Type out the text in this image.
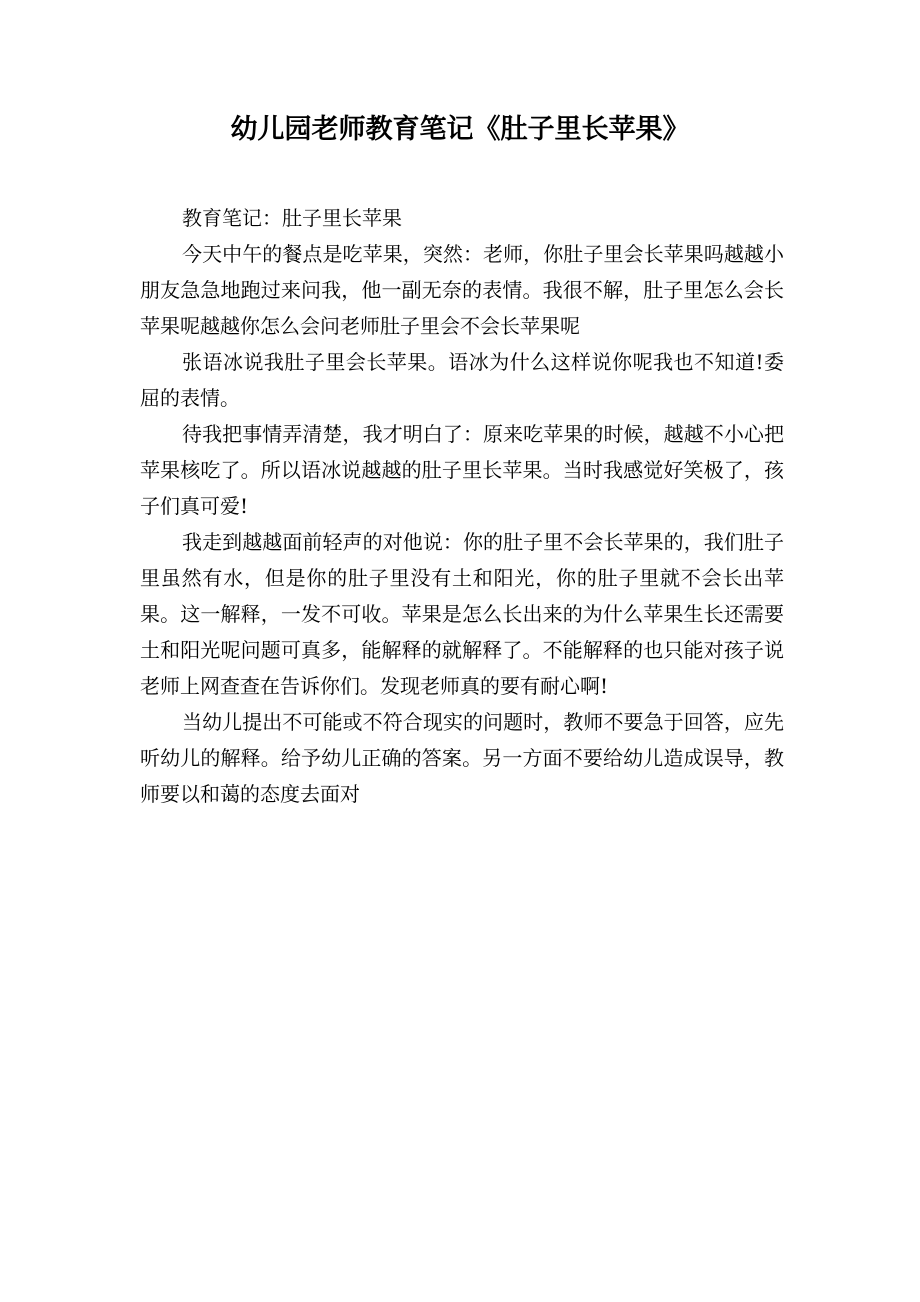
幼儿园老师教育笔记《肚子里长苹果》

教育笔记：肚子里长苹果

今天中午的餐点是吃苹果，突然：老师，你肚子里会长苹果吗越越小朋友急急地跑过来问我，他一副无奈的表情。我很不解，肚子里怎么会长苹果呢越越你怎么会问老师肚子里会不会长苹果呢

张语冰说我肚子里会长苹果。语冰为什么这样说你呢我也不知道!委屈的表情。

待我把事情弄清楚，我才明白了：原来吃苹果的时候，越越不小心把苹果核吃了。所以语冰说越越的肚子里长苹果。当时我感觉好笑极了，孩子们真可爱!

我走到越越面前轻声的对他说：你的肚子里不会长苹果的，我们肚子里虽然有水，但是你的肚子里没有土和阳光，你的肚子里就不会长出苹果。这一解释，一发不可收。苹果是怎么长出来的为什么苹果生长还需要土和阳光呢问题可真多，能解释的就解释了。不能解释的也只能对孩子说老师上网查查在告诉你们。发现老师真的要有耐心啊!

当幼儿提出不可能或不符合现实的问题时，教师不要急于回答，应先听幼儿的解释。给予幼儿正确的答案。另一方面不要给幼儿造成误导，教师要以和蔼的态度去面对
